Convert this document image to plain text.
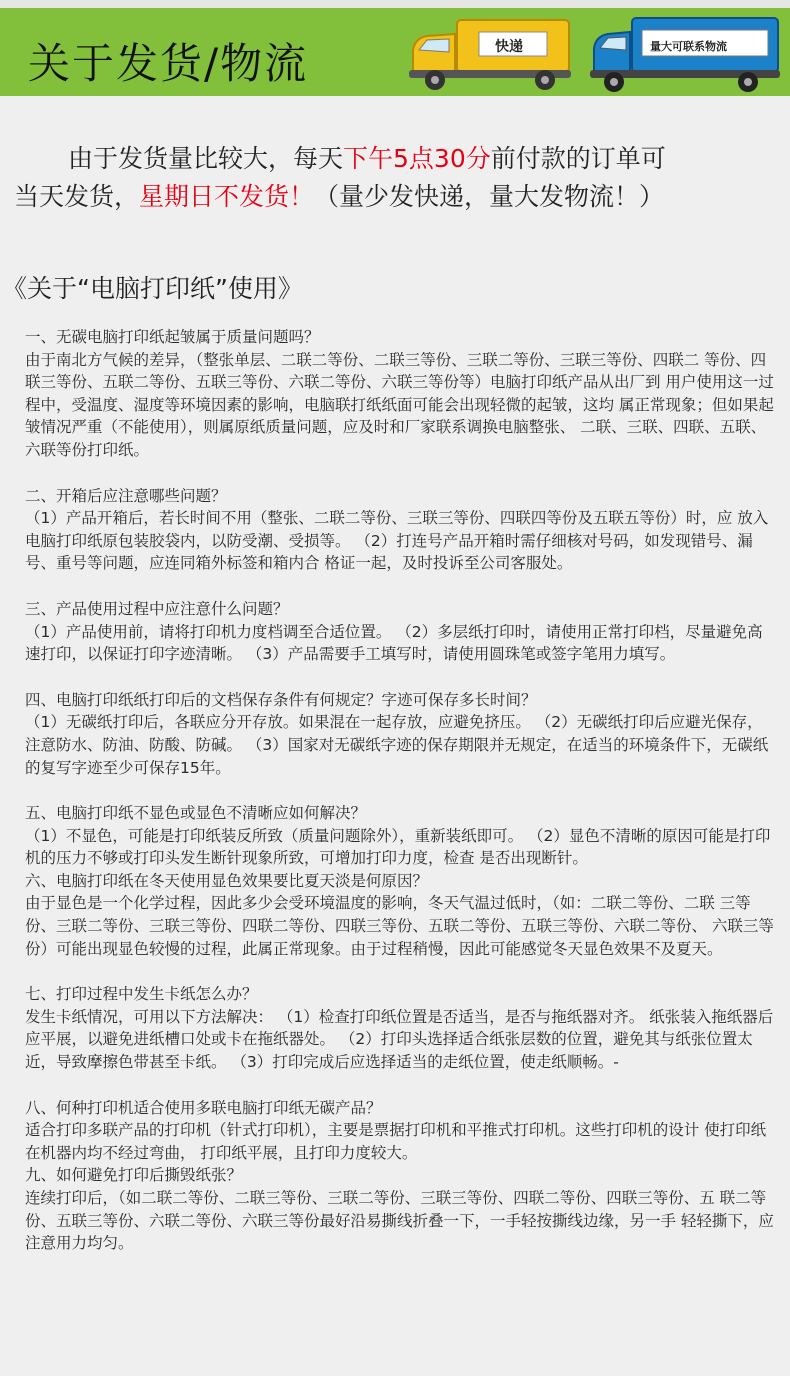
关于发货/物流	快递	量大可联系物流
由于发货量比较大，每天下午5点30分前付款的订单可
当天发货，星期日不发货！（量少发快递，量大发物流！）
《关于“电脑打印纸”使用》

一、无碳电脑打印纸起皱属于质量问题吗？

由于南北方气候的差异，（整张单层、二联二等份、二联三等份、三联二等份、三联三等份、四联二 等份、四联三等份、五联二等份、五联三等份、六联二等份、六联三等份等）电脑打印纸产品从出厂到 用户使用这一过程中，受温度、湿度等环境因素的影响，电脑联打纸纸面可能会出现轻微的起皱，这均 属正常现象；但如果起皱情况严重（不能使用），则属原纸质量问题，应及时和厂家联系调换电脑整张、 二联、三联、四联、五联、六联等份打印纸。

二、开箱后应注意哪些问题？

（1）产品开箱后，若长时间不用（整张、二联二等份、三联三等份、四联四等份及五联五等份）时，应 放入电脑打印纸原包装胶袋内，以防受潮、受损等。 （2）打连号产品开箱时需仔细核对号码，如发现错号、漏号、重号等问题，应连同箱外标签和箱内合 格证一起，及时投诉至公司客服处。

三、产品使用过程中应注意什么问题？

（1）产品使用前，请将打印机力度档调至合适位置。 （2）多层纸打印时，请使用正常打印档，尽量避免高速打印，以保证打印字迹清晰。 （3）产品需要手工填写时，请使用圆珠笔或签字笔用力填写。

四、电脑打印纸纸打印后的文档保存条件有何规定？字迹可保存多长时间？

（1）无碳纸打印后，各联应分开存放。如果混在一起存放，应避免挤压。 （2）无碳纸打印后应避光保存，注意防水、防油、防酸、防碱。 （3）国家对无碳纸字迹的保存期限并无规定，在适当的环境条件下，无碳纸的复写字迹至少可保存15年。

五、电脑打印纸不显色或显色不清晰应如何解决？

（1）不显色，可能是打印纸装反所致（质量问题除外），重新装纸即可。 （2）显色不清晰的原因可能是打印机的压力不够或打印头发生断针现象所致，可增加打印力度，检查 是否出现断针。

六、电脑打印纸在冬天使用显色效果要比夏天淡是何原因？

由于显色是一个化学过程，因此多少会受环境温度的影响，冬天气温过低时，（如：二联二等份、二联 三等份、三联二等份、三联三等份、四联二等份、四联三等份、五联二等份、五联三等份、六联二等份、 六联三等份）可能出现显色较慢的过程，此属正常现象。由于过程稍慢，因此可能感觉冬天显色效果不及夏天。

七、打印过程中发生卡纸怎么办？

发生卡纸情况，可用以下方法解决： （1）检查打印纸位置是否适当，是否与拖纸器对齐。 纸张装入拖纸器后应平展，以避免进纸槽口处或卡在拖纸器处。 （2）打印头选择适合纸张层数的位置，避免其与纸张位置太近，导致摩擦色带甚至卡纸。 （3）打印完成后应选择适当的走纸位置，使走纸顺畅。-

八、何种打印机适合使用多联电脑打印纸无碳产品？

适合打印多联产品的打印机（针式打印机），主要是票据打印机和平推式打印机。这些打印机的设计 使打印纸在机器内均不经过弯曲， 打印纸平展，且打印力度较大。

九、如何避免打印后撕毁纸张？

连续打印后，（如二联二等份、二联三等份、三联二等份、三联三等份、四联二等份、四联三等份、五 联二等份、五联三等份、六联二等份、六联三等份最好沿易撕线折叠一下，一手轻按撕线边缘，另一手 轻轻撕下，应注意用力均匀。
